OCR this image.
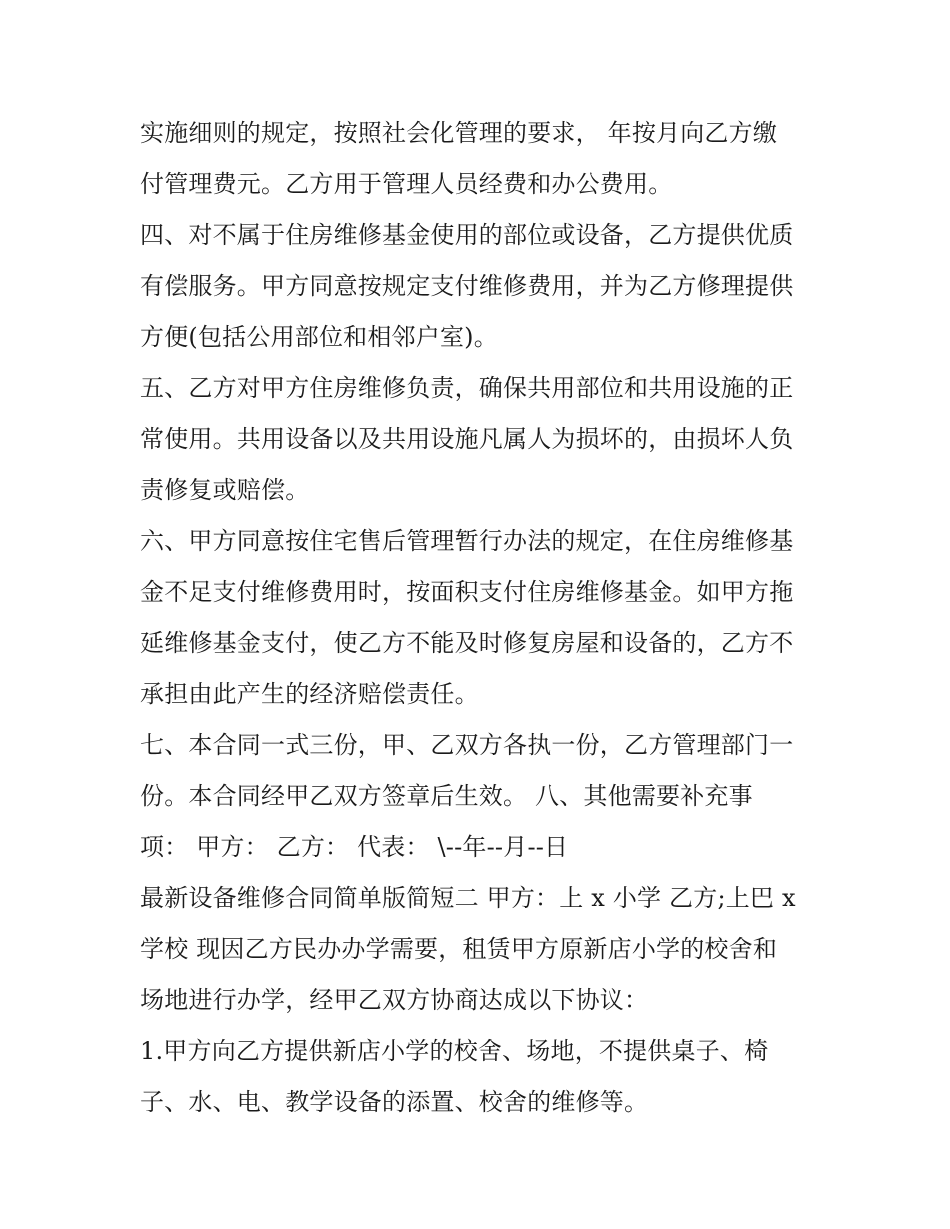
实施细则的规定，按照社会化管理的要求， 年按月向乙方缴
付管理费元。乙方用于管理人员经费和办公费用。
四、对不属于住房维修基金使用的部位或设备，乙方提供优质
有偿服务。甲方同意按规定支付维修费用，并为乙方修理提供
方便(包括公用部位和相邻户室)。
五、乙方对甲方住房维修负责，确保共用部位和共用设施的正
常使用。共用设备以及共用设施凡属人为损坏的，由损坏人负
责修复或赔偿。
六、甲方同意按住宅售后管理暂行办法的规定，在住房维修基
金不足支付维修费用时，按面积支付住房维修基金。如甲方拖
延维修基金支付，使乙方不能及时修复房屋和设备的，乙方不
承担由此产生的经济赔偿责任。
七、本合同一式三份，甲、乙双方各执一份，乙方管理部门一
份。本合同经甲乙双方签章后生效。 八、其他需要补充事
项： 甲方： 乙方： 代表： \--年--月--日
最新设备维修合同简单版简短二 甲方：上 x 小学 乙方;上巴 x
学校 现因乙方民办办学需要，租赁甲方原新店小学的校舍和
场地进行办学，经甲乙双方协商达成以下协议：
1.甲方向乙方提供新店小学的校舍、场地，不提供桌子、椅
子、水、电、教学设备的添置、校舍的维修等。
